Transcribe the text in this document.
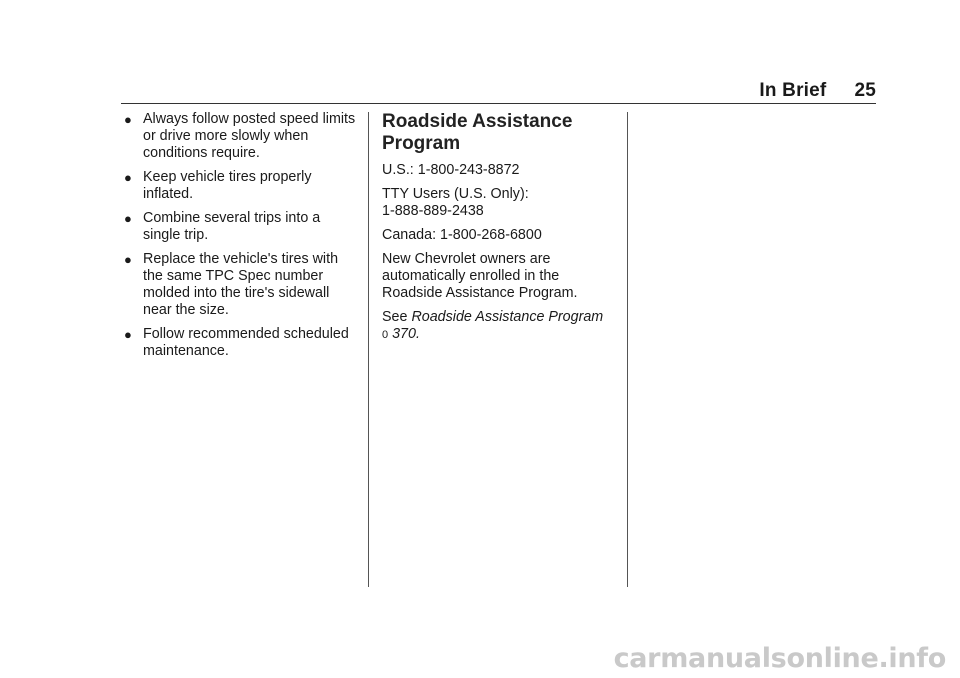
In Brief 25
● Always follow posted speed limits or drive more slowly when conditions require.
● Keep vehicle tires properly inflated.
● Combine several trips into a single trip.
● Replace the vehicle's tires with the same TPC Spec number molded into the tire's sidewall near the size.
● Follow recommended scheduled maintenance.
Roadside Assistance Program

U.S.: 1-800-243-8872

TTY Users (U.S. Only):
1-888-889-2438

Canada: 1-800-268-6800

New Chevrolet owners are automatically enrolled in the Roadside Assistance Program.

See Roadside Assistance Program
0 370.

carmanualsonline.info
